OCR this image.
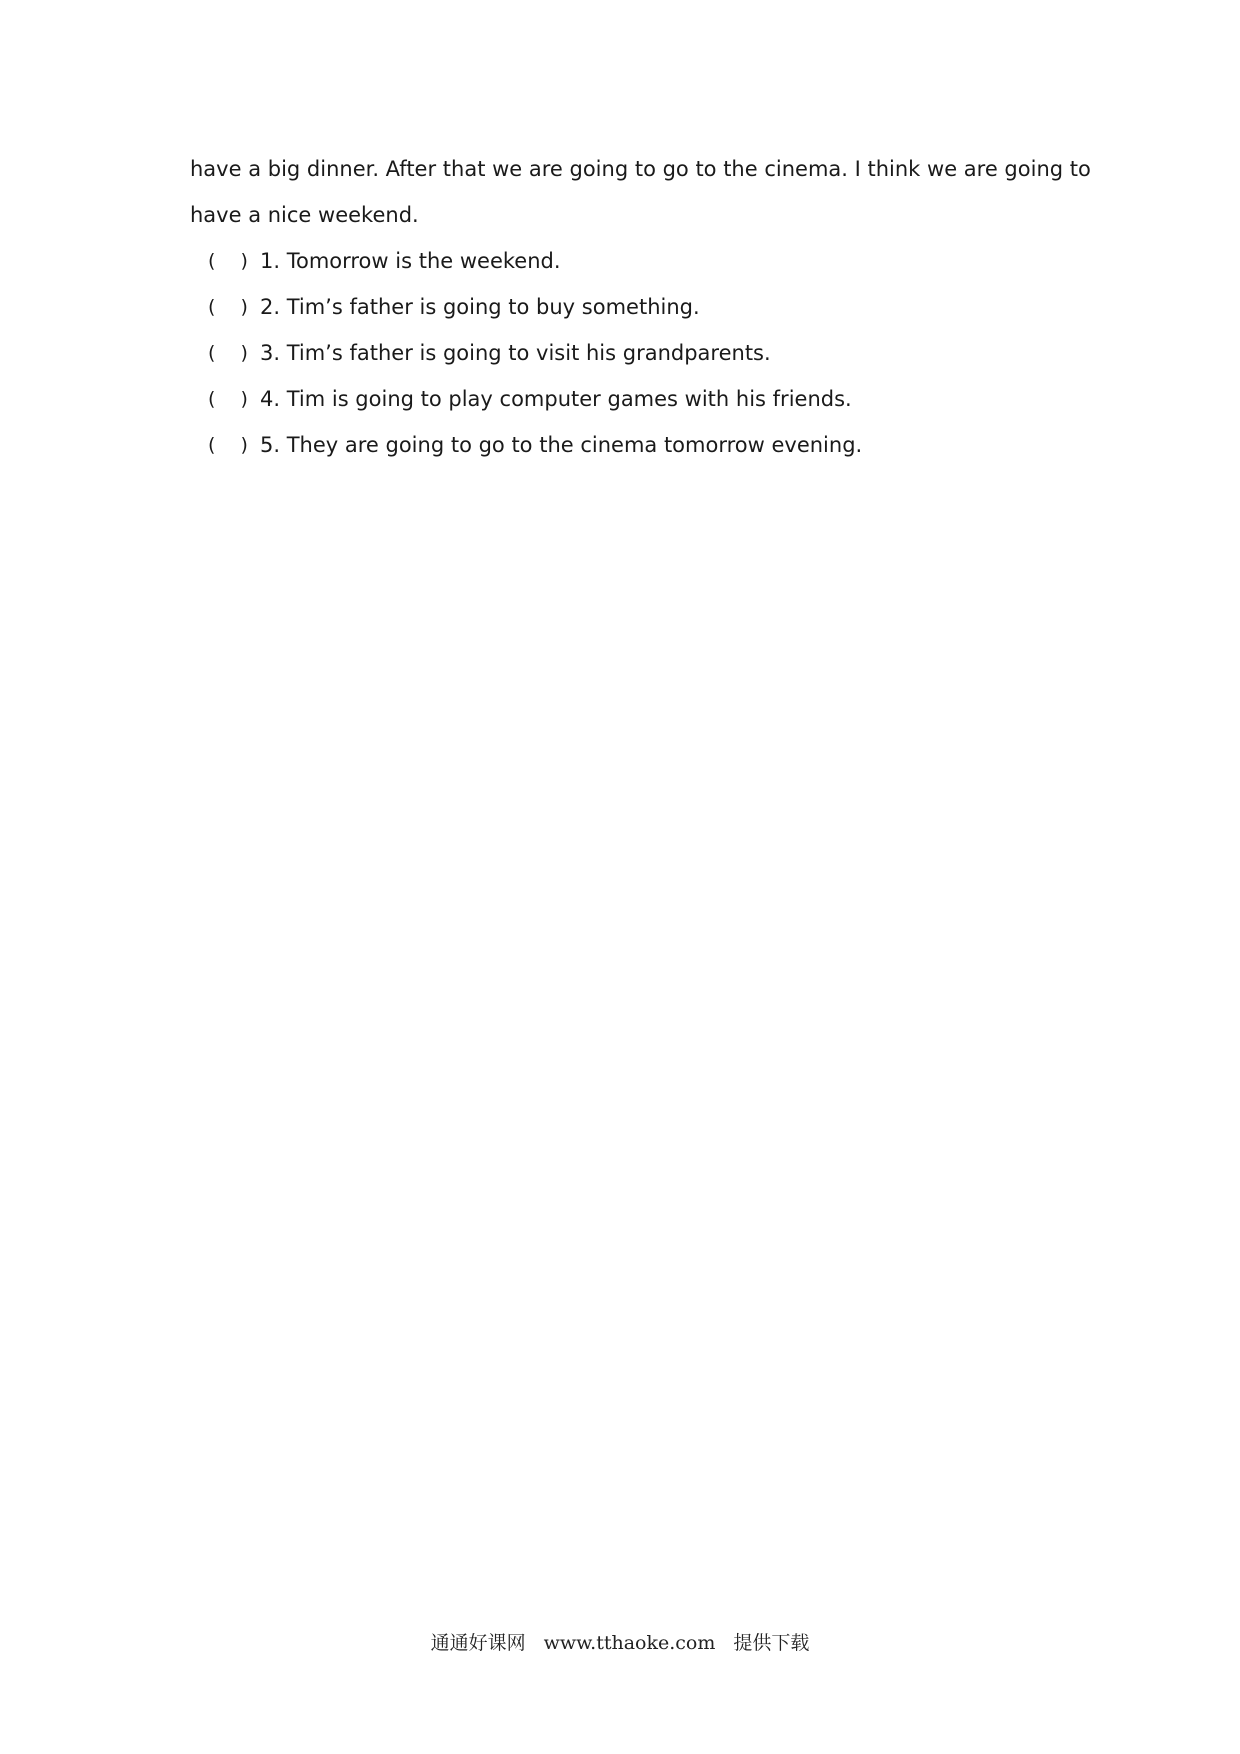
have a big dinner. After that we are going to go to the cinema. I think we are going to
have a nice weekend.
(　 ) 1. Tomorrow is the weekend.
(　 ) 2. Tim’s father is going to buy something.
(　 ) 3. Tim’s father is going to visit his grandparents.
(　 ) 4. Tim is going to play computer games with his friends.
(　 ) 5. They are going to go to the cinema tomorrow evening.
通通好课网 www.tthaoke.com 提供下载
